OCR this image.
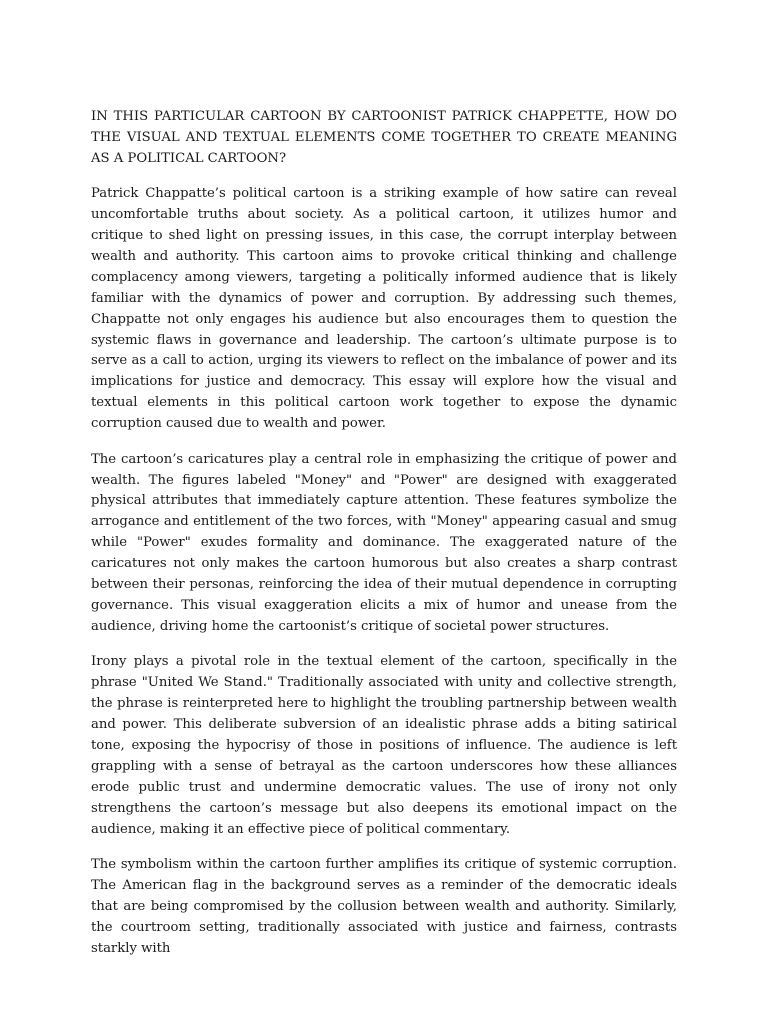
IN THIS PARTICULAR CARTOON BY CARTOONIST PATRICK CHAPPETTE, HOW DO THE VISUAL AND TEXTUAL ELEMENTS COME TOGETHER TO CREATE MEANING AS A POLITICAL CARTOON?

Patrick Chappatte’s political cartoon is a striking example of how satire can reveal uncomfortable truths about society. As a political cartoon, it utilizes humor and critique to shed light on pressing issues, in this case, the corrupt interplay between wealth and authority. This cartoon aims to provoke critical thinking and challenge complacency among viewers, targeting a politically informed audience that is likely familiar with the dynamics of power and corruption. By addressing such themes, Chappatte not only engages his audience but also encourages them to question the systemic flaws in governance and leadership. The cartoon’s ultimate purpose is to serve as a call to action, urging its viewers to reflect on the imbalance of power and its implications for justice and democracy. This essay will explore how the visual and textual elements in this political cartoon work together to expose the dynamic corruption caused due to wealth and power.

The cartoon’s caricatures play a central role in emphasizing the critique of power and wealth. The figures labeled "Money" and "Power" are designed with exaggerated physical attributes that immediately capture attention. These features symbolize the arrogance and entitlement of the two forces, with "Money" appearing casual and smug while "Power" exudes formality and dominance. The exaggerated nature of the caricatures not only makes the cartoon humorous but also creates a sharp contrast between their personas, reinforcing the idea of their mutual dependence in corrupting governance. This visual exaggeration elicits a mix of humor and unease from the audience, driving home the cartoonist’s critique of societal power structures.

Irony plays a pivotal role in the textual element of the cartoon, specifically in the phrase "United We Stand." Traditionally associated with unity and collective strength, the phrase is reinterpreted here to highlight the troubling partnership between wealth and power. This deliberate subversion of an idealistic phrase adds a biting satirical tone, exposing the hypocrisy of those in positions of influence. The audience is left grappling with a sense of betrayal as the cartoon underscores how these alliances erode public trust and undermine democratic values. The use of irony not only strengthens the cartoon’s message but also deepens its emotional impact on the audience, making it an effective piece of political commentary.

The symbolism within the cartoon further amplifies its critique of systemic corruption. The American flag in the background serves as a reminder of the democratic ideals that are being compromised by the collusion between wealth and authority. Similarly, the courtroom setting, traditionally associated with justice and fairness, contrasts starkly with
